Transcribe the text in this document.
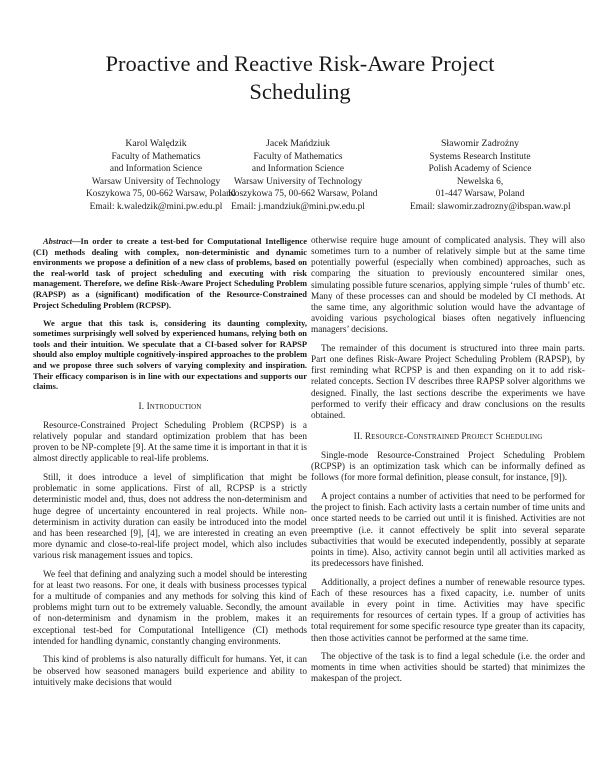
Proactive and Reactive Risk-Aware Project Scheduling
Karol Walędzik
Faculty of Mathematics
and Information Science
Warsaw University of Technology
Koszykowa 75, 00-662 Warsaw, Poland
Email: k.waledzik@mini.pw.edu.pl
Jacek Mańdziuk
Faculty of Mathematics
and Information Science
Warsaw University of Technology
Koszykowa 75, 00-662 Warsaw, Poland
Email: j.mandziuk@mini.pw.edu.pl
Sławomir Zadrożny
Systems Research Institute
Polish Academy of Science
Newelska 6,
01-447 Warsaw, Poland
Email: slawomir.zadrozny@ibspan.waw.pl

Abstract—In order to create a test-bed for Computational Intelligence (CI) methods dealing with complex, non-deterministic and dynamic environments we propose a definition of a new class of problems, based on the real-world task of project scheduling and executing with risk management. Therefore, we define Risk-Aware Project Scheduling Problem (RAPSP) as a (significant) modification of the Resource-Constrained Project Scheduling Problem (RCPSP).

We argue that this task is, considering its daunting complexity, sometimes surprisingly well solved by experienced humans, relying both on tools and their intuition. We speculate that a CI-based solver for RAPSP should also employ multiple cognitively-inspired approaches to the problem and we propose three such solvers of varying complexity and inspiration. Their efficacy comparison is in line with our expectations and supports our claims.

I. Introduction

Resource-Constrained Project Scheduling Problem (RCPSP) is a relatively popular and standard optimization problem that has been proven to be NP-complete [9]. At the same time it is important in that it is almost directly applicable to real-life problems.

Still, it does introduce a level of simplification that might be problematic in some applications. First of all, RCPSP is a strictly deterministic model and, thus, does not address the non-determinism and huge degree of uncertainty encountered in real projects. While non-determinism in activity duration can easily be introduced into the model and has been researched [9], [4], we are interested in creating an even more dynamic and close-to-real-life project model, which also includes various risk management issues and topics.

We feel that defining and analyzing such a model should be interesting for at least two reasons. For one, it deals with business processes typical for a multitude of companies and any methods for solving this kind of problems might turn out to be extremely valuable. Secondly, the amount of non-determinism and dynamism in the problem, makes it an exceptional test-bed for Computational Intelligence (CI) methods intended for handling dynamic, constantly changing environments.

This kind of problems is also naturally difficult for humans. Yet, it can be observed how seasoned managers build experience and ability to intuitively make decisions that would

otherwise require huge amount of complicated analysis. They will also sometimes turn to a number of relatively simple but at the same time potentially powerful (especially when combined) approaches, such as comparing the situation to previously encountered similar ones, simulating possible future scenarios, applying simple ‘rules of thumb’ etc. Many of these processes can and should be modeled by CI methods. At the same time, any algorithmic solution would have the advantage of avoiding various psychological biases often negatively influencing managers’ decisions.

The remainder of this document is structured into three main parts. Part one defines Risk-Aware Project Scheduling Problem (RAPSP), by first reminding what RCPSP is and then expanding on it to add risk-related concepts. Section IV describes three RAPSP solver algorithms we designed. Finally, the last sections describe the experiments we have performed to verify their efficacy and draw conclusions on the results obtained.

II. Resource-Constrained Project Scheduling

Single-mode Resource-Constrained Project Scheduling Problem (RCPSP) is an optimization task which can be informally defined as follows (for more formal definition, please consult, for instance, [9]).

A project contains a number of activities that need to be performed for the project to finish. Each activity lasts a certain number of time units and once started needs to be carried out until it is finished. Activities are not preemptive (i.e. it cannot effectively be split into several separate subactivities that would be executed independently, possibly at separate points in time). Also, activity cannot begin until all activities marked as its predecessors have finished.

Additionally, a project defines a number of renewable resource types. Each of these resources has a fixed capacity, i.e. number of units available in every point in time. Activities may have specific requirements for resources of certain types. If a group of activities has total requirement for some specific resource type greater than its capacity, then those activities cannot be performed at the same time.

The objective of the task is to find a legal schedule (i.e. the order and moments in time when activities should be started) that minimizes the makespan of the project.
